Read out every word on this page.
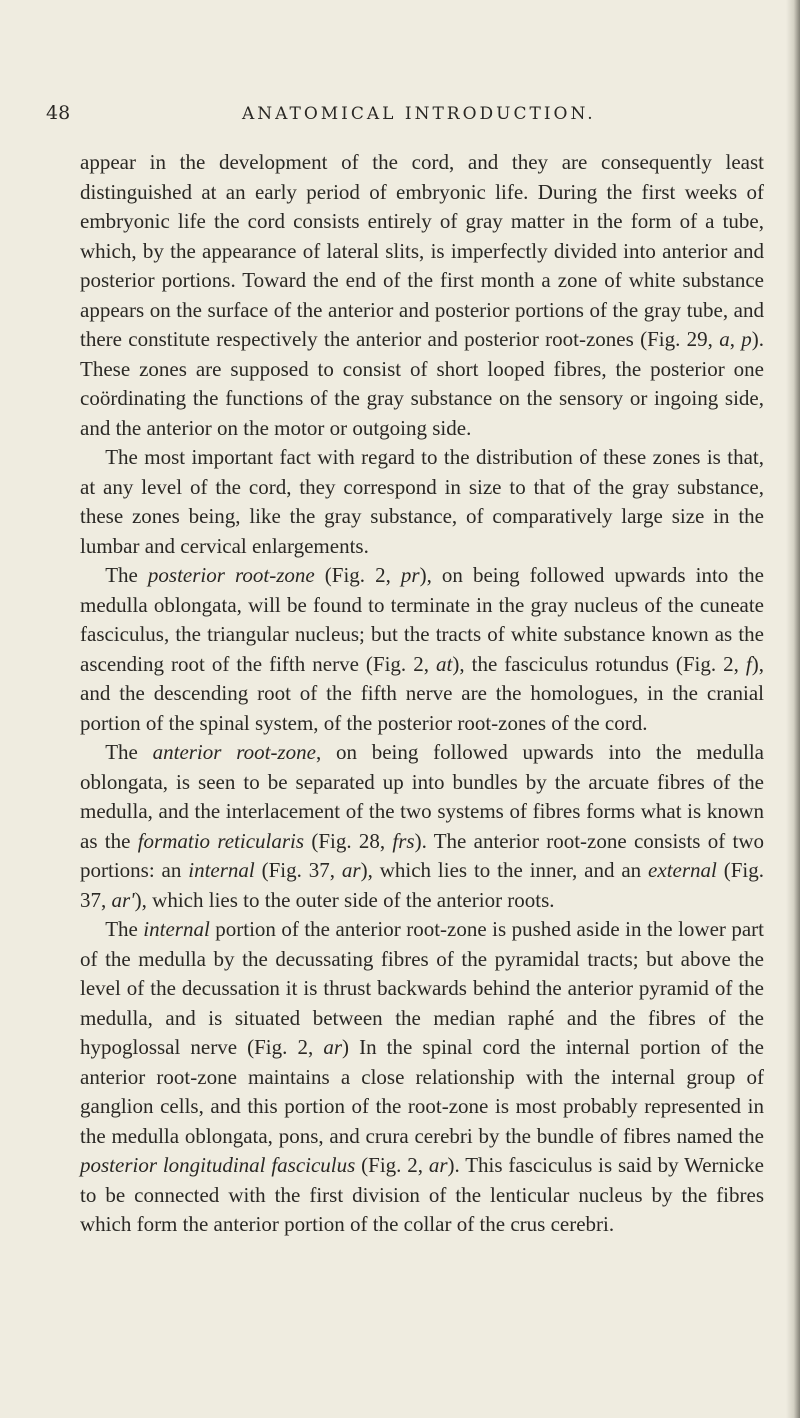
48	ANATOMICAL INTRODUCTION.

appear in the development of the cord, and they are consequently least distinguished at an early period of embryonic life. During the first weeks of embryonic life the cord consists entirely of gray matter in the form of a tube, which, by the appearance of lateral slits, is imperfectly divided into anterior and posterior portions. Toward the end of the first month a zone of white substance appears on the surface of the anterior and posterior portions of the gray tube, and there constitute respectively the anterior and posterior root-zones (Fig. 29, a, p). These zones are supposed to consist of short looped fibres, the posterior one coördinating the functions of the gray substance on the sensory or ingoing side, and the anterior on the motor or outgoing side.

The most important fact with regard to the distribution of these zones is that, at any level of the cord, they correspond in size to that of the gray substance, these zones being, like the gray substance, of comparatively large size in the lumbar and cervical enlargements.

The posterior root-zone (Fig. 2, pr), on being followed upwards into the medulla oblongata, will be found to terminate in the gray nucleus of the cuneate fasciculus, the triangular nucleus; but the tracts of white substance known as the ascending root of the fifth nerve (Fig. 2, at), the fasciculus rotundus (Fig. 2, f), and the descending root of the fifth nerve are the homologues, in the cranial portion of the spinal system, of the posterior root-zones of the cord.

The anterior root-zone, on being followed upwards into the medulla oblongata, is seen to be separated up into bundles by the arcuate fibres of the medulla, and the interlacement of the two systems of fibres forms what is known as the formatio reticularis (Fig. 28, frs). The anterior root-zone consists of two portions: an internal (Fig. 37, ar), which lies to the inner, and an external (Fig. 37, ar'), which lies to the outer side of the anterior roots.

The internal portion of the anterior root-zone is pushed aside in the lower part of the medulla by the decussating fibres of the pyramidal tracts; but above the level of the decussation it is thrust backwards behind the anterior pyramid of the medulla, and is situated between the median raphé and the fibres of the hypoglossal nerve (Fig. 2, ar) In the spinal cord the internal portion of the anterior root-zone maintains a close relationship with the internal group of ganglion cells, and this portion of the root-zone is most probably represented in the medulla oblongata, pons, and crura cerebri by the bundle of fibres named the posterior longitudinal fasciculus (Fig. 2, ar). This fasciculus is said by Wernicke to be connected with the first division of the lenticular nucleus by the fibres which form the anterior portion of the collar of the crus cerebri.
